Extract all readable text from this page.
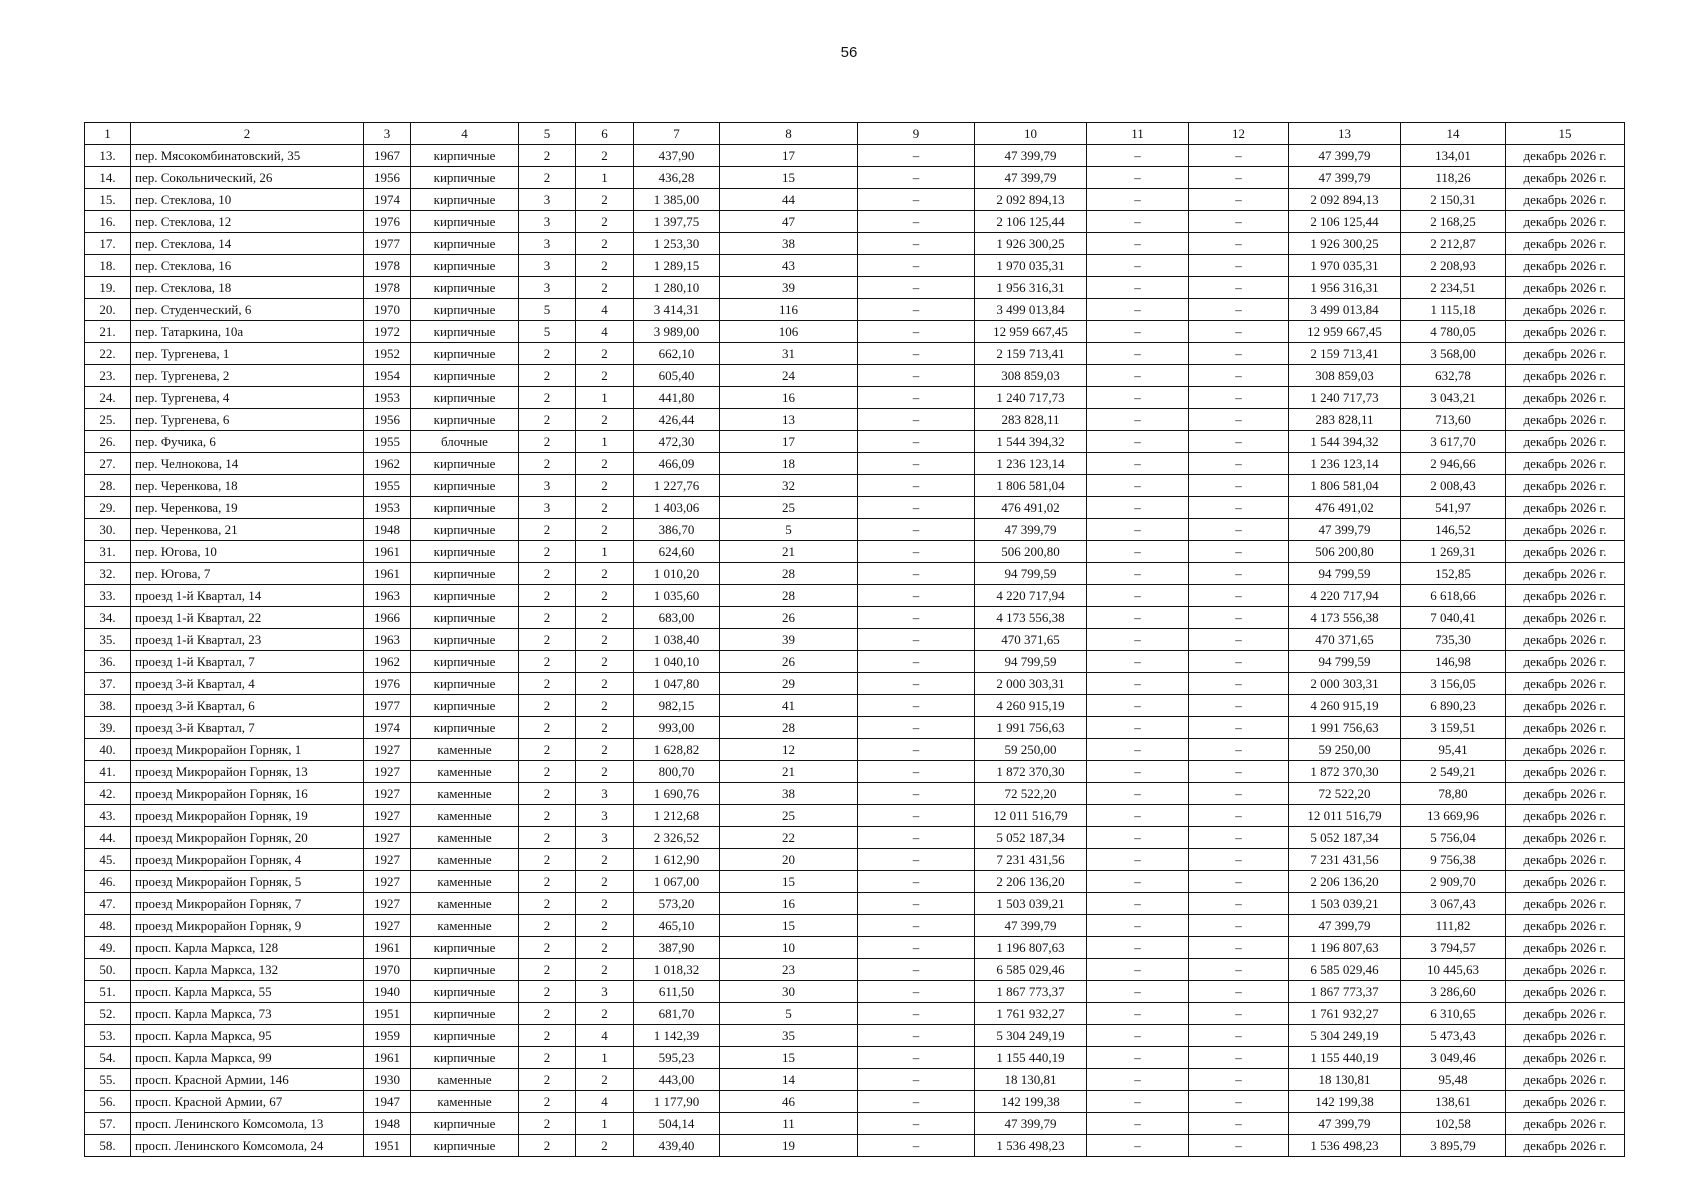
56
1	2	3	4	5	6	7	8	9	10	11	12	13	14	15
13.	пер. Мясокомбинатовский, 35	1967	кирпичные	2	2	437,90	17	–	47 399,79	–	–	47 399,79	134,01	декабрь 2026 г.
14.	пер. Сокольнический, 26	1956	кирпичные	2	1	436,28	15	–	47 399,79	–	–	47 399,79	118,26	декабрь 2026 г.
15.	пер. Стеклова, 10	1974	кирпичные	3	2	1 385,00	44	–	2 092 894,13	–	–	2 092 894,13	2 150,31	декабрь 2026 г.
16.	пер. Стеклова, 12	1976	кирпичные	3	2	1 397,75	47	–	2 106 125,44	–	–	2 106 125,44	2 168,25	декабрь 2026 г.
17.	пер. Стеклова, 14	1977	кирпичные	3	2	1 253,30	38	–	1 926 300,25	–	–	1 926 300,25	2 212,87	декабрь 2026 г.
18.	пер. Стеклова, 16	1978	кирпичные	3	2	1 289,15	43	–	1 970 035,31	–	–	1 970 035,31	2 208,93	декабрь 2026 г.
19.	пер. Стеклова, 18	1978	кирпичные	3	2	1 280,10	39	–	1 956 316,31	–	–	1 956 316,31	2 234,51	декабрь 2026 г.
20.	пер. Студенческий, 6	1970	кирпичные	5	4	3 414,31	116	–	3 499 013,84	–	–	3 499 013,84	1 115,18	декабрь 2026 г.
21.	пер. Татаркина, 10а	1972	кирпичные	5	4	3 989,00	106	–	12 959 667,45	–	–	12 959 667,45	4 780,05	декабрь 2026 г.
22.	пер. Тургенева, 1	1952	кирпичные	2	2	662,10	31	–	2 159 713,41	–	–	2 159 713,41	3 568,00	декабрь 2026 г.
23.	пер. Тургенева, 2	1954	кирпичные	2	2	605,40	24	–	308 859,03	–	–	308 859,03	632,78	декабрь 2026 г.
24.	пер. Тургенева, 4	1953	кирпичные	2	1	441,80	16	–	1 240 717,73	–	–	1 240 717,73	3 043,21	декабрь 2026 г.
25.	пер. Тургенева, 6	1956	кирпичные	2	2	426,44	13	–	283 828,11	–	–	283 828,11	713,60	декабрь 2026 г.
26.	пер. Фучика, 6	1955	блочные	2	1	472,30	17	–	1 544 394,32	–	–	1 544 394,32	3 617,70	декабрь 2026 г.
27.	пер. Челнокова, 14	1962	кирпичные	2	2	466,09	18	–	1 236 123,14	–	–	1 236 123,14	2 946,66	декабрь 2026 г.
28.	пер. Черенкова, 18	1955	кирпичные	3	2	1 227,76	32	–	1 806 581,04	–	–	1 806 581,04	2 008,43	декабрь 2026 г.
29.	пер. Черенкова, 19	1953	кирпичные	3	2	1 403,06	25	–	476 491,02	–	–	476 491,02	541,97	декабрь 2026 г.
30.	пер. Черенкова, 21	1948	кирпичные	2	2	386,70	5	–	47 399,79	–	–	47 399,79	146,52	декабрь 2026 г.
31.	пер. Югова, 10	1961	кирпичные	2	1	624,60	21	–	506 200,80	–	–	506 200,80	1 269,31	декабрь 2026 г.
32.	пер. Югова, 7	1961	кирпичные	2	2	1 010,20	28	–	94 799,59	–	–	94 799,59	152,85	декабрь 2026 г.
33.	проезд 1-й Квартал, 14	1963	кирпичные	2	2	1 035,60	28	–	4 220 717,94	–	–	4 220 717,94	6 618,66	декабрь 2026 г.
34.	проезд 1-й Квартал, 22	1966	кирпичные	2	2	683,00	26	–	4 173 556,38	–	–	4 173 556,38	7 040,41	декабрь 2026 г.
35.	проезд 1-й Квартал, 23	1963	кирпичные	2	2	1 038,40	39	–	470 371,65	–	–	470 371,65	735,30	декабрь 2026 г.
36.	проезд 1-й Квартал, 7	1962	кирпичные	2	2	1 040,10	26	–	94 799,59	–	–	94 799,59	146,98	декабрь 2026 г.
37.	проезд 3-й Квартал, 4	1976	кирпичные	2	2	1 047,80	29	–	2 000 303,31	–	–	2 000 303,31	3 156,05	декабрь 2026 г.
38.	проезд 3-й Квартал, 6	1977	кирпичные	2	2	982,15	41	–	4 260 915,19	–	–	4 260 915,19	6 890,23	декабрь 2026 г.
39.	проезд 3-й Квартал, 7	1974	кирпичные	2	2	993,00	28	–	1 991 756,63	–	–	1 991 756,63	3 159,51	декабрь 2026 г.
40.	проезд Микрорайон Горняк, 1	1927	каменные	2	2	1 628,82	12	–	59 250,00	–	–	59 250,00	95,41	декабрь 2026 г.
41.	проезд Микрорайон Горняк, 13	1927	каменные	2	2	800,70	21	–	1 872 370,30	–	–	1 872 370,30	2 549,21	декабрь 2026 г.
42.	проезд Микрорайон Горняк, 16	1927	каменные	2	3	1 690,76	38	–	72 522,20	–	–	72 522,20	78,80	декабрь 2026 г.
43.	проезд Микрорайон Горняк, 19	1927	каменные	2	3	1 212,68	25	–	12 011 516,79	–	–	12 011 516,79	13 669,96	декабрь 2026 г.
44.	проезд Микрорайон Горняк, 20	1927	каменные	2	3	2 326,52	22	–	5 052 187,34	–	–	5 052 187,34	5 756,04	декабрь 2026 г.
45.	проезд Микрорайон Горняк, 4	1927	каменные	2	2	1 612,90	20	–	7 231 431,56	–	–	7 231 431,56	9 756,38	декабрь 2026 г.
46.	проезд Микрорайон Горняк, 5	1927	каменные	2	2	1 067,00	15	–	2 206 136,20	–	–	2 206 136,20	2 909,70	декабрь 2026 г.
47.	проезд Микрорайон Горняк, 7	1927	каменные	2	2	573,20	16	–	1 503 039,21	–	–	1 503 039,21	3 067,43	декабрь 2026 г.
48.	проезд Микрорайон Горняк, 9	1927	каменные	2	2	465,10	15	–	47 399,79	–	–	47 399,79	111,82	декабрь 2026 г.
49.	просп. Карла Маркса, 128	1961	кирпичные	2	2	387,90	10	–	1 196 807,63	–	–	1 196 807,63	3 794,57	декабрь 2026 г.
50.	просп. Карла Маркса, 132	1970	кирпичные	2	2	1 018,32	23	–	6 585 029,46	–	–	6 585 029,46	10 445,63	декабрь 2026 г.
51.	просп. Карла Маркса, 55	1940	кирпичные	2	3	611,50	30	–	1 867 773,37	–	–	1 867 773,37	3 286,60	декабрь 2026 г.
52.	просп. Карла Маркса, 73	1951	кирпичные	2	2	681,70	5	–	1 761 932,27	–	–	1 761 932,27	6 310,65	декабрь 2026 г.
53.	просп. Карла Маркса, 95	1959	кирпичные	2	4	1 142,39	35	–	5 304 249,19	–	–	5 304 249,19	5 473,43	декабрь 2026 г.
54.	просп. Карла Маркса, 99	1961	кирпичные	2	1	595,23	15	–	1 155 440,19	–	–	1 155 440,19	3 049,46	декабрь 2026 г.
55.	просп. Красной Армии, 146	1930	каменные	2	2	443,00	14	–	18 130,81	–	–	18 130,81	95,48	декабрь 2026 г.
56.	просп. Красной Армии, 67	1947	каменные	2	4	1 177,90	46	–	142 199,38	–	–	142 199,38	138,61	декабрь 2026 г.
57.	просп. Ленинского Комсомола, 13	1948	кирпичные	2	1	504,14	11	–	47 399,79	–	–	47 399,79	102,58	декабрь 2026 г.
58.	просп. Ленинского Комсомола, 24	1951	кирпичные	2	2	439,40	19	–	1 536 498,23	–	–	1 536 498,23	3 895,79	декабрь 2026 г.
